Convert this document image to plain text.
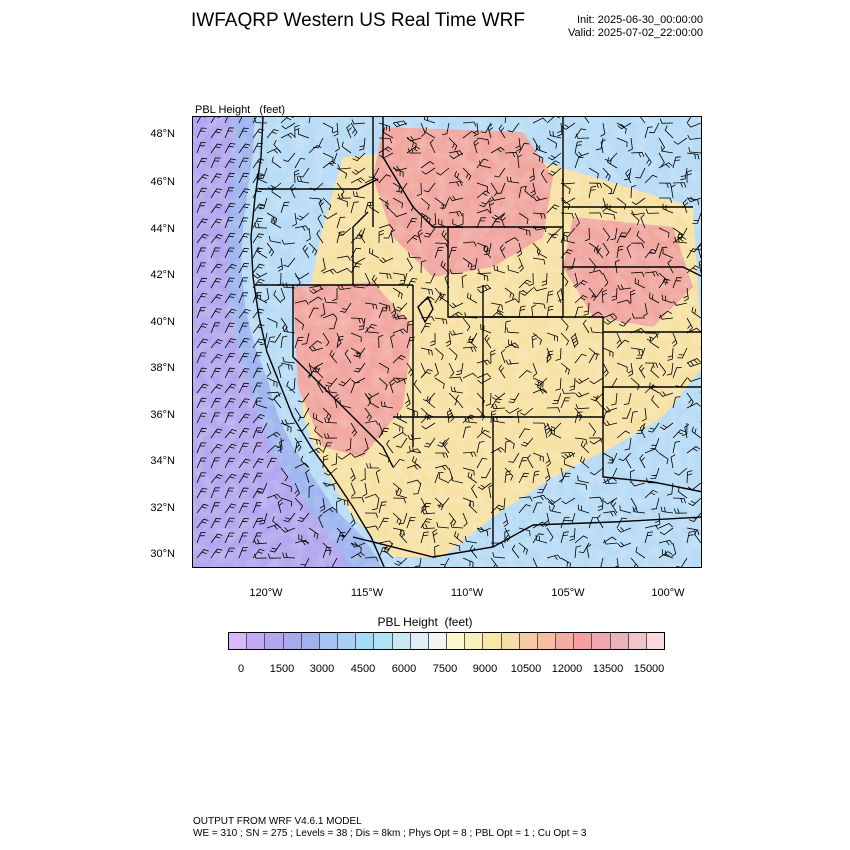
IWFAQRP Western US Real Time WRF	Init: 2025-06-30_00:00:00
Valid: 2025-07-02_22:00:00

PBL Height   (feet)

48°N
46°N
44°N
42°N
40°N
38°N
36°N
34°N
32°N
30°N
120°W	115°W	110°W	105°W	100°W
PBL Height  (feet)
0	1500	3000	4500	6000	7500	9000	10500 12000 13500 15000
OUTPUT FROM WRF V4.6.1 MODEL
WE = 310 ; SN = 275 ; Levels = 38 ; Dis = 8km ; Phys Opt = 8 ; PBL Opt = 1 ; Cu Opt = 3
